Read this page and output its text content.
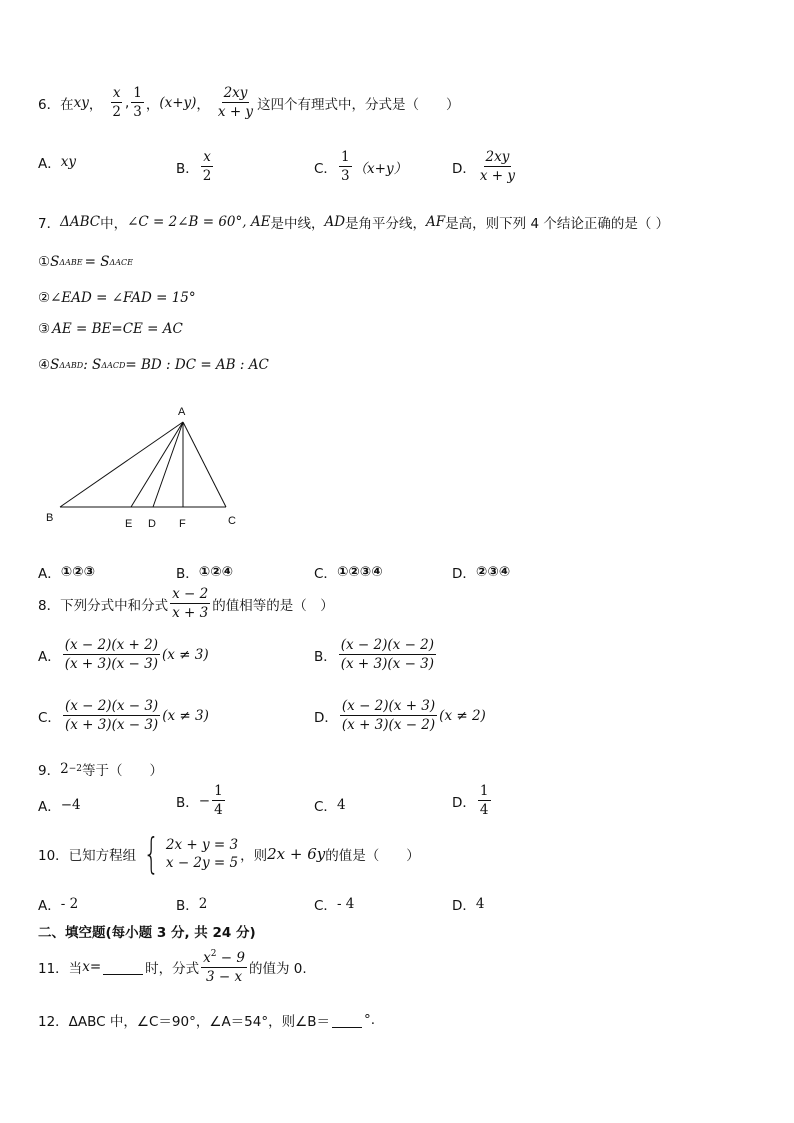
6．在 xy ， $\frac{x}{2}$ , $\frac{1}{3}$ ， (x+y) ， $\frac{2xy}{x + y}$ 这四个有理式中，分式是（　　）
A． xy	B． $\frac{x}{2}$	C． $\frac{1}{3} (x+y)$	D． $\frac{2xy}{x + y}$
7． ΔABC 中， ∠C = 2∠B = 60°, AE 是中线， AD 是角平分线， AF 是高，则下列 4 个结论正确的是（ ）
① S ΔABE = S ΔACE
② ∠EAD = ∠FAD = 15°
③ AE = BE=CE = AC
④ S ΔABD : S ΔACD = BD : DC = AB : AC
A
B	E D F	C
A． ①②③	B． ①②④	C． ①②③④	D． ②③④
8．下列分式中和分式 $\frac{x - 2}{x + 3}$ 的值相等的是（　）
A． $\frac{(x - 2)(x + 2)}{(x + 3)(x - 3)} (x \ne 3)$	B． $\frac{(x - 2)(x - 2)}{(x + 3)(x - 3)}$
C． $\frac{(x - 2)(x - 3)}{(x + 3)(x - 3)} (x \ne 3)$	D． $\frac{(x - 2)(x + 3)}{(x + 3)(x - 2)} (x \ne 2)$
9． 2 −2 等于（　　）
A． −4	B． − $\frac{1}{4}$	C． 4	D． $\frac{1}{4}$
10．已知方程组 { 2x + y = 3
x − 2y = 5 ，则 2x + 6y 的值是（　　）
A． - 2	B． 2	C． - 4	D． 4
二、填空题(每小题 3 分, 共 24 分)
11．当 x =	时，分式 $\frac{x^2 - 9}{3 - x}$ 的值为 0.
12．ΔABC 中，∠C＝90°，∠A＝54°，则∠B＝	°.
